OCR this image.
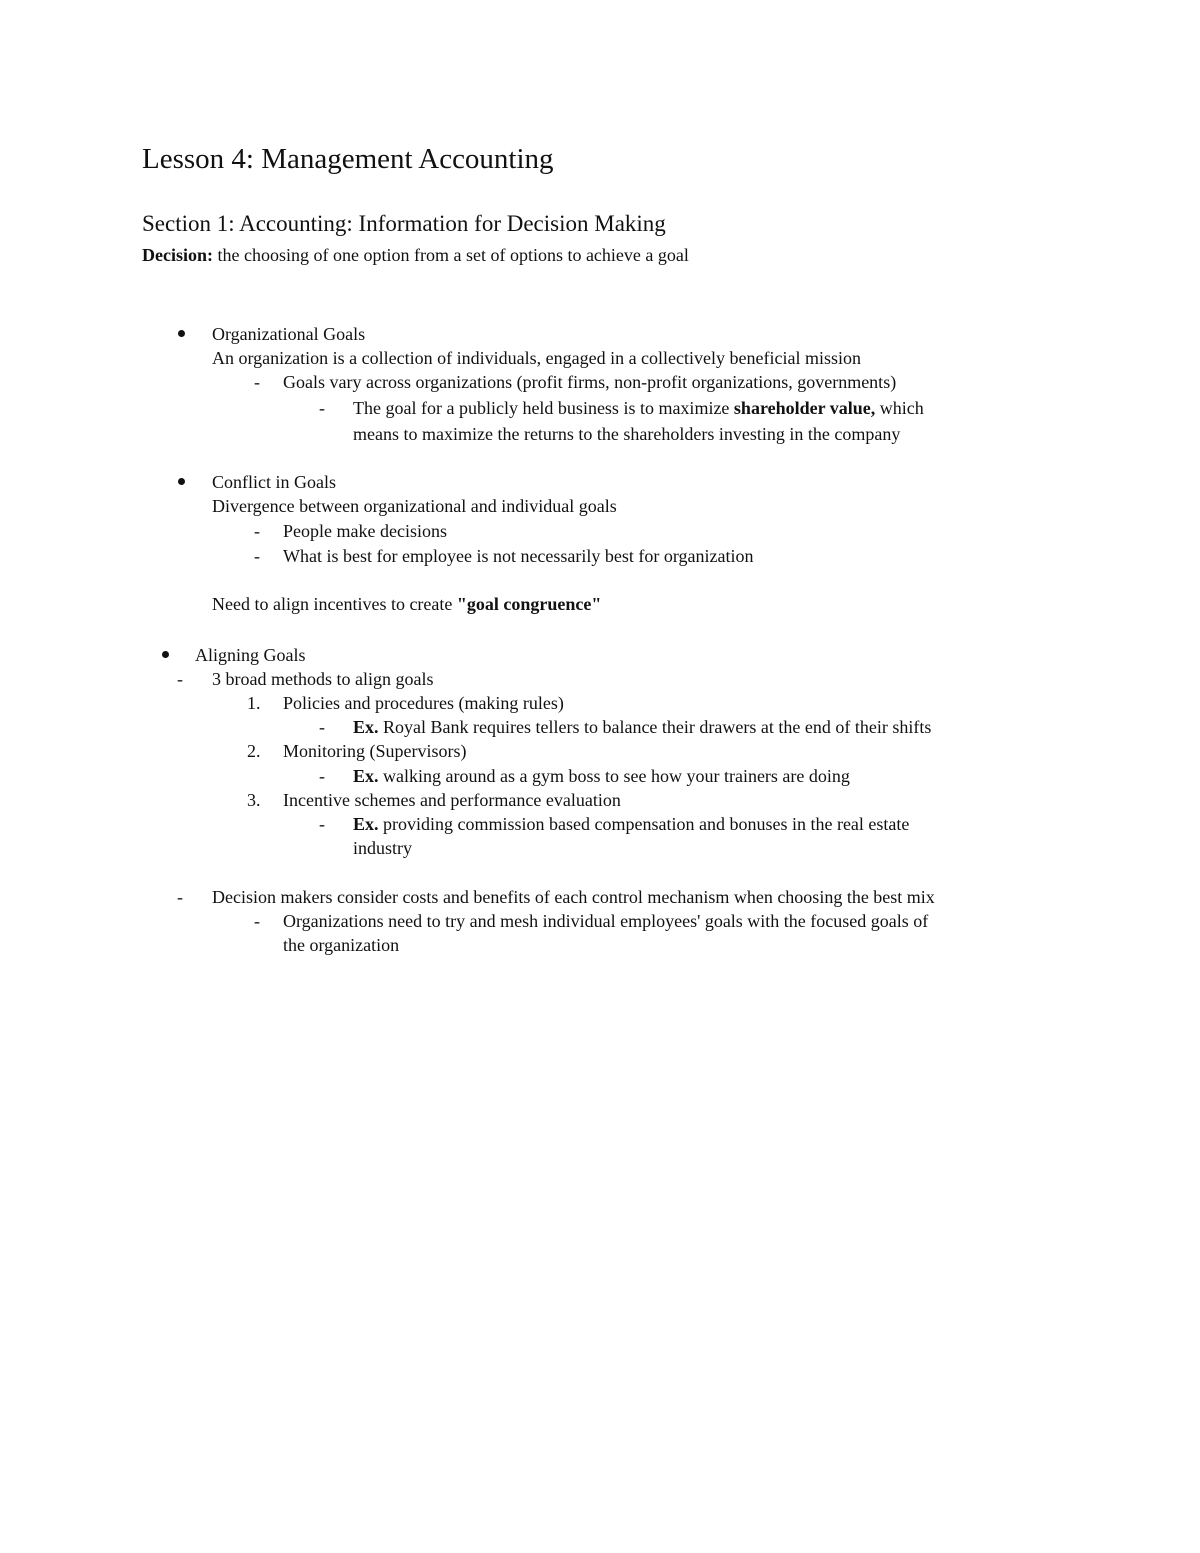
Lesson 4: Management Accounting
Section 1: Accounting: Information for Decision Making
Decision: the choosing of one option from a set of options to achieve a goal
Organizational Goals
An organization is a collection of individuals, engaged in a collectively beneficial mission
- Goals vary across organizations (profit firms, non-profit organizations, governments)
- The goal for a publicly held business is to maximize shareholder value, which
means to maximize the returns to the shareholders investing in the company
Conflict in Goals
Divergence between organizational and individual goals
- People make decisions
- What is best for employee is not necessarily best for organization
Need to align incentives to create "goal congruence"
Aligning Goals
- 3 broad methods to align goals
1. Policies and procedures (making rules)
- Ex. Royal Bank requires tellers to balance their drawers at the end of their shifts
2. Monitoring (Supervisors)
- Ex. walking around as a gym boss to see how your trainers are doing
3. Incentive schemes and performance evaluation
- Ex. providing commission based compensation and bonuses in the real estate
industry
- Decision makers consider costs and benefits of each control mechanism when choosing the best mix
- Organizations need to try and mesh individual employees' goals with the focused goals of
the organization
